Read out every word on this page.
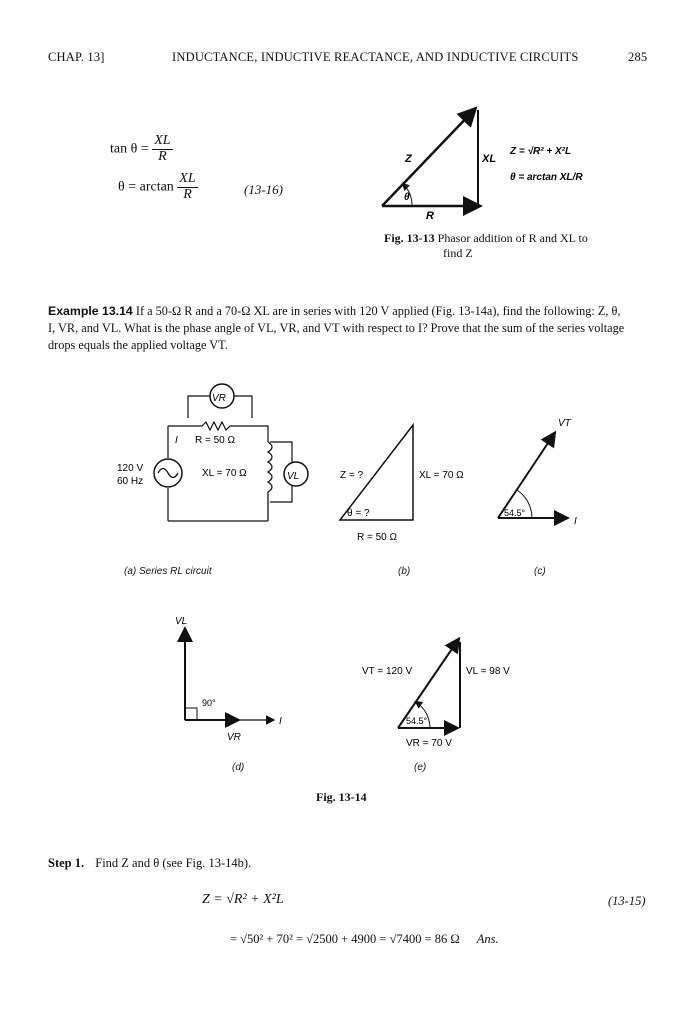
CHAP. 13]	INDUCTANCE, INDUCTIVE REACTANCE, AND INDUCTIVE CIRCUITS	285
$\tan \theta = \frac{XL}{R}$
$\theta = \arctan \frac{XL}{R}$	(13-16)
Z	XL
R
θ
Z = √R² + X²L
θ = arctan XL/R
Fig. 13-13 Phasor addition of R and XL to
find Z
Example 13.14 If a 50-Ω R and a 70-Ω XL are in series with 120 V applied (Fig. 13-14a), find the following: Z, θ,
I, VR, and VL. What is the phase angle of VL, VR, and VT with respect to I? Prove that the sum of the series voltage
drops equals the applied voltage VT.
VR
VL
I R = 50 Ω
XL = 70 Ω
120 V
60 Hz
(a) Series RL circuit
Z = ?	XL = 70 Ω
θ = ?
R = 50 Ω
(b)
VT
54.5°
I
(c)
VL
90°
VR
I
(d)
VT = 120 V	VL = 98 V
54.5°
VR = 70 V
(e)
Fig. 13-14
Step 1. Find Z and θ (see Fig. 13-14b).
Z = √R² + X²L	(13-15)
= √50² + 70² = √2500 + 4900 = √7400 = 86 Ω Ans.
